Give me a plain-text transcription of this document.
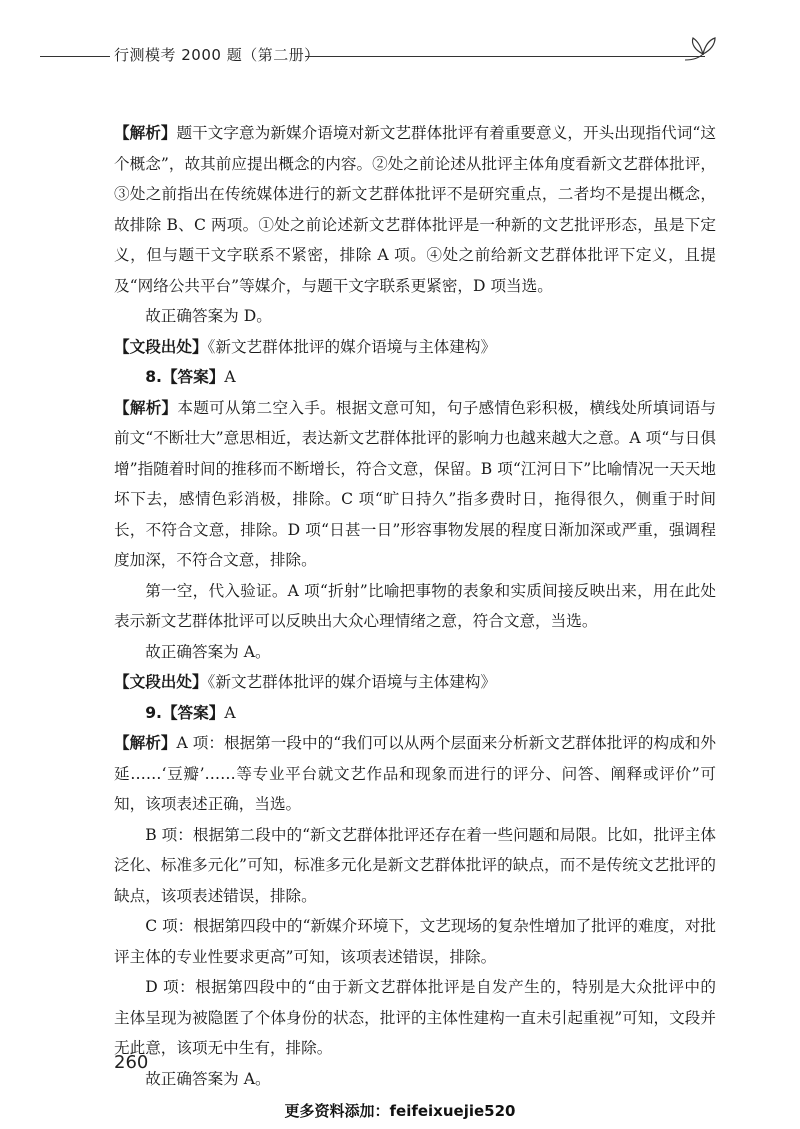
行测模考 2000 题（第二册）

【解析】题干文字意为新媒介语境对新文艺群体批评有着重要意义，开头出现指代词“这个概念”，故其前应提出概念的内容。②处之前论述从批评主体角度看新文艺群体批评，③处之前指出在传统媒体进行的新文艺群体批评不是研究重点，二者均不是提出概念，故排除 B、C 两项。①处之前论述新文艺群体批评是一种新的文艺批评形态，虽是下定义，但与题干文字联系不紧密，排除 A 项。④处之前给新文艺群体批评下定义，且提及“网络公共平台”等媒介，与题干文字联系更紧密，D 项当选。

故正确答案为 D。

【文段出处】《新文艺群体批评的媒介语境与主体建构》

8.【答案】A

【解析】本题可从第二空入手。根据文意可知，句子感情色彩积极，横线处所填词语与前文“不断壮大”意思相近，表达新文艺群体批评的影响力也越来越大之意。A 项“与日俱增”指随着时间的推移而不断增长，符合文意，保留。B 项“江河日下”比喻情况一天天地坏下去，感情色彩消极，排除。C 项“旷日持久”指多费时日，拖得很久，侧重于时间长，不符合文意，排除。D 项“日甚一日”形容事物发展的程度日渐加深或严重，强调程度加深，不符合文意，排除。

第一空，代入验证。A 项“折射”比喻把事物的表象和实质间接反映出来，用在此处表示新文艺群体批评可以反映出大众心理情绪之意，符合文意，当选。

故正确答案为 A。

【文段出处】《新文艺群体批评的媒介语境与主体建构》

9.【答案】A

【解析】A 项：根据第一段中的“我们可以从两个层面来分析新文艺群体批评的构成和外延……‘豆瓣’……等专业平台就文艺作品和现象而进行的评分、问答、阐释或评价”可知，该项表述正确，当选。

B 项：根据第二段中的“新文艺群体批评还存在着一些问题和局限。比如，批评主体泛化、标准多元化”可知，标准多元化是新文艺群体批评的缺点，而不是传统文艺批评的缺点，该项表述错误，排除。

C 项：根据第四段中的“新媒介环境下，文艺现场的复杂性增加了批评的难度，对批评主体的专业性要求更高”可知，该项表述错误，排除。

D 项：根据第四段中的“由于新文艺群体批评是自发产生的，特别是大众批评中的主体呈现为被隐匿了个体身份的状态，批评的主体性建构一直未引起重视”可知，文段并无此意，该项无中生有，排除。

故正确答案为 A。

260
更多资料添加：feifeixuejie520
